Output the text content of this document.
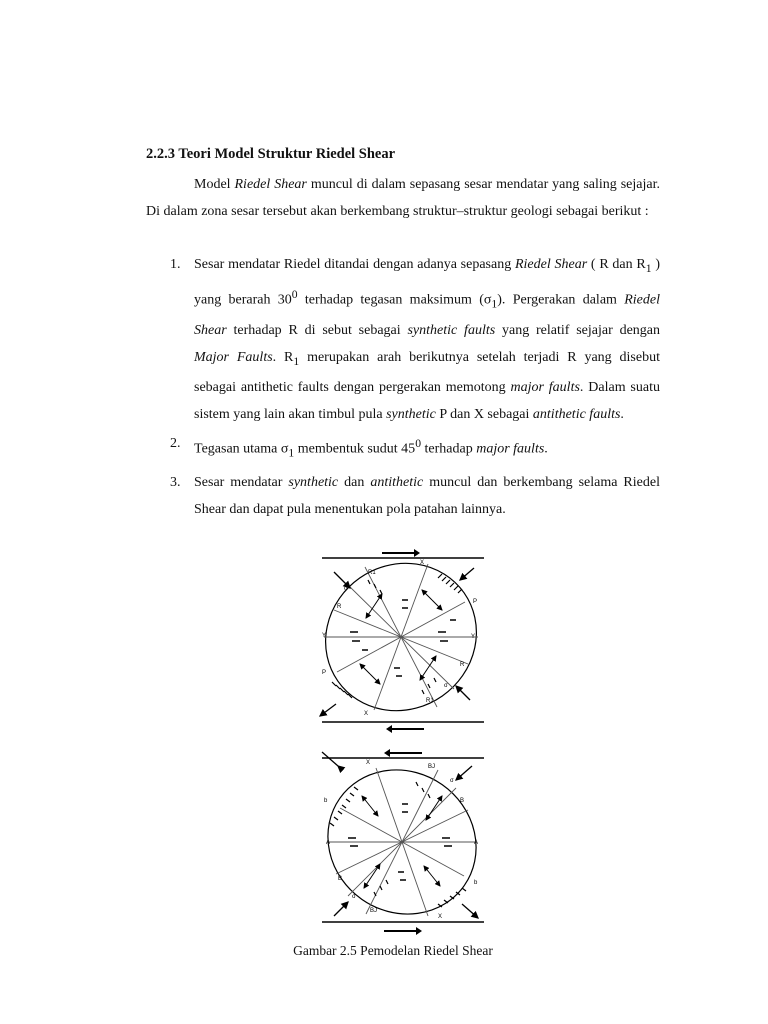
2.2.3 Teori Model Struktur Riedel Shear
Model Riedel Shear muncul di dalam sepasang sesar mendatar yang saling sejajar. Di dalam zona sesar tersebut akan berkembang struktur–struktur geologi sebagai berikut :
1. Sesar mendatar Riedel ditandai dengan adanya sepasang Riedel Shear ( R dan $R_1$ ) yang berarah $30^0$ terhadap tegasan maksimum $(\sigma_1)$. Pergerakan dalam Riedel Shear terhadap R di sebut sebagai synthetic faults yang relatif sejajar dengan Major Faults. $R_1$ merupakan arah berikutnya setelah terjadi R yang disebut sebagai antithetic faults dengan pergerakan memotong major faults. Dalam suatu sistem yang lain akan timbul pula synthetic P dan X sebagai antithetic faults.
2. Tegasan utama $\sigma_1$ membentuk sudut $45^0$ terhadap major faults.
3. Sesar mendatar synthetic dan antithetic muncul dan berkembang selama Riedel Shear dan dapat pula menentukan pola patahan lainnya.
X
R1
σ
R
P
Y	Y
R
P
σ
R1
X
X
BJ
b	B
A	A
B
b
σ
σ
BJ
X
Gambar 2.5 Pemodelan Riedel Shear
